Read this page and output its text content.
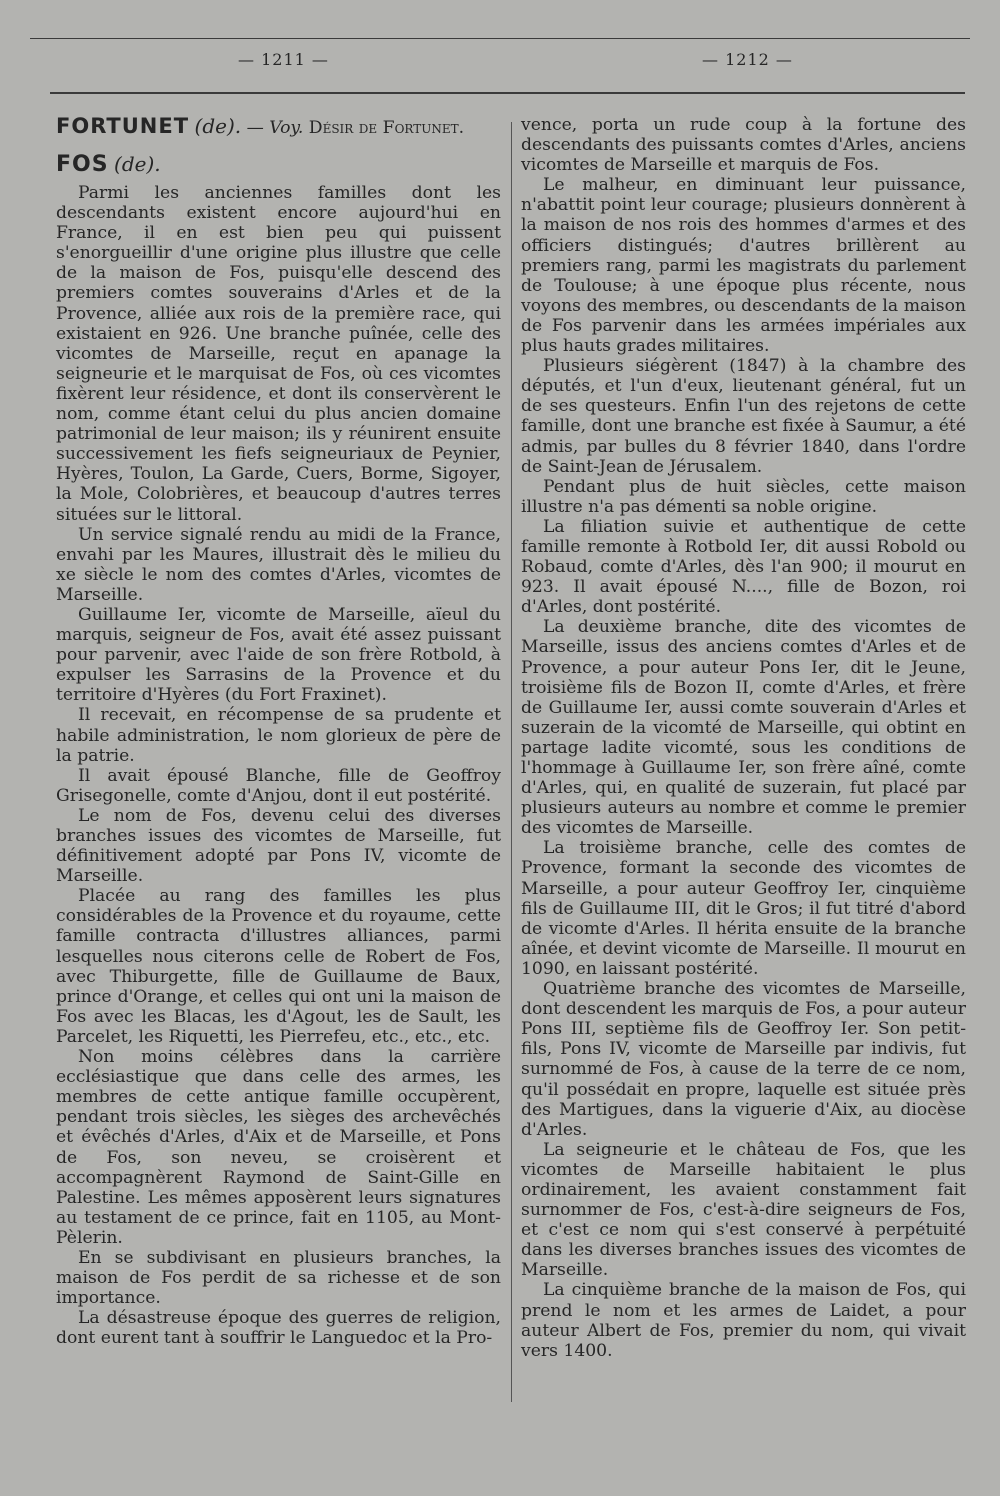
— 1211 —	— 1212 —
FORTUNET (de). — Voy. Désir de Fortunet.
FOS (de).

Parmi les anciennes familles dont les descendants existent encore aujourd'hui en France, il en est bien peu qui puissent s'enorgueillir d'une origine plus illustre que celle de la maison de Fos, puisqu'elle descend des premiers comtes souverains d'Arles et de la Provence, alliée aux rois de la première race, qui existaient en 926. Une branche puînée, celle des vicomtes de Marseille, reçut en apanage la seigneurie et le marquisat de Fos, où ces vicomtes fixèrent leur résidence, et dont ils conservèrent le nom, comme étant celui du plus ancien domaine patrimonial de leur maison; ils y réunirent ensuite successivement les fiefs seigneuriaux de Peynier, Hyères, Toulon, La Garde, Cuers, Borme, Sigoyer, la Mole, Colobrières, et beaucoup d'autres terres situées sur le littoral.

Un service signalé rendu au midi de la France, envahi par les Maures, illustrait dès le milieu du xe siècle le nom des comtes d'Arles, vicomtes de Marseille.

Guillaume Ier, vicomte de Marseille, aïeul du marquis, seigneur de Fos, avait été assez puissant pour parvenir, avec l'aide de son frère Rotbold, à expulser les Sarrasins de la Provence et du territoire d'Hyères (du Fort Fraxinet).

Il recevait, en récompense de sa prudente et habile administration, le nom glorieux de père de la patrie.

Il avait épousé Blanche, fille de Geoffroy Grisegonelle, comte d'Anjou, dont il eut postérité.

Le nom de Fos, devenu celui des diverses branches issues des vicomtes de Marseille, fut définitivement adopté par Pons IV, vicomte de Marseille.

Placée au rang des familles les plus considérables de la Provence et du royaume, cette famille contracta d'illustres alliances, parmi lesquelles nous citerons celle de Robert de Fos, avec Thiburgette, fille de Guillaume de Baux, prince d'Orange, et celles qui ont uni la maison de Fos avec les Blacas, les d'Agout, les de Sault, les Parcelet, les Riquetti, les Pierrefeu, etc., etc., etc.

Non moins célèbres dans la carrière ecclésiastique que dans celle des armes, les membres de cette antique famille occupèrent, pendant trois siècles, les sièges des archevêchés et évêchés d'Arles, d'Aix et de Marseille, et Pons de Fos, son neveu, se croisèrent et accompagnèrent Raymond de Saint-Gille en Palestine. Les mêmes apposèrent leurs signatures au testament de ce prince, fait en 1105, au Mont-Pèlerin.

En se subdivisant en plusieurs branches, la maison de Fos perdit de sa richesse et de son importance.

La désastreuse époque des guerres de religion, dont eurent tant à souffrir le Languedoc et la Pro-

vence, porta un rude coup à la fortune des descendants des puissants comtes d'Arles, anciens vicomtes de Marseille et marquis de Fos.

Le malheur, en diminuant leur puissance, n'abattit point leur courage; plusieurs donnèrent à la maison de nos rois des hommes d'armes et des officiers distingués; d'autres brillèrent au premiers rang, parmi les magistrats du parlement de Toulouse; à une époque plus récente, nous voyons des membres, ou descendants de la maison de Fos parvenir dans les armées impériales aux plus hauts grades militaires.

Plusieurs siégèrent (1847) à la chambre des députés, et l'un d'eux, lieutenant général, fut un de ses questeurs. Enfin l'un des rejetons de cette famille, dont une branche est fixée à Saumur, a été admis, par bulles du 8 février 1840, dans l'ordre de Saint-Jean de Jérusalem.

Pendant plus de huit siècles, cette maison illustre n'a pas démenti sa noble origine.

La filiation suivie et authentique de cette famille remonte à Rotbold Ier, dit aussi Robold ou Robaud, comte d'Arles, dès l'an 900; il mourut en 923. Il avait épousé N...., fille de Bozon, roi d'Arles, dont postérité.

La deuxième branche, dite des vicomtes de Marseille, issus des anciens comtes d'Arles et de Provence, a pour auteur Pons Ier, dit le Jeune, troisième fils de Bozon II, comte d'Arles, et frère de Guillaume Ier, aussi comte souverain d'Arles et suzerain de la vicomté de Marseille, qui obtint en partage ladite vicomté, sous les conditions de l'hommage à Guillaume Ier, son frère aîné, comte d'Arles, qui, en qualité de suzerain, fut placé par plusieurs auteurs au nombre et comme le premier des vicomtes de Marseille.

La troisième branche, celle des comtes de Provence, formant la seconde des vicomtes de Marseille, a pour auteur Geoffroy Ier, cinquième fils de Guillaume III, dit le Gros; il fut titré d'abord de vicomte d'Arles. Il hérita ensuite de la branche aînée, et devint vicomte de Marseille. Il mourut en 1090, en laissant postérité.

Quatrième branche des vicomtes de Marseille, dont descendent les marquis de Fos, a pour auteur Pons III, septième fils de Geoffroy Ier. Son petit-fils, Pons IV, vicomte de Marseille par indivis, fut surnommé de Fos, à cause de la terre de ce nom, qu'il possédait en propre, laquelle est située près des Martigues, dans la viguerie d'Aix, au diocèse d'Arles.

La seigneurie et le château de Fos, que les vicomtes de Marseille habitaient le plus ordinairement, les avaient constamment fait surnommer de Fos, c'est-à-dire seigneurs de Fos, et c'est ce nom qui s'est conservé à perpétuité dans les diverses branches issues des vicomtes de Marseille.

La cinquième branche de la maison de Fos, qui prend le nom et les armes de Laidet, a pour auteur Albert de Fos, premier du nom, qui vivait vers 1400.
